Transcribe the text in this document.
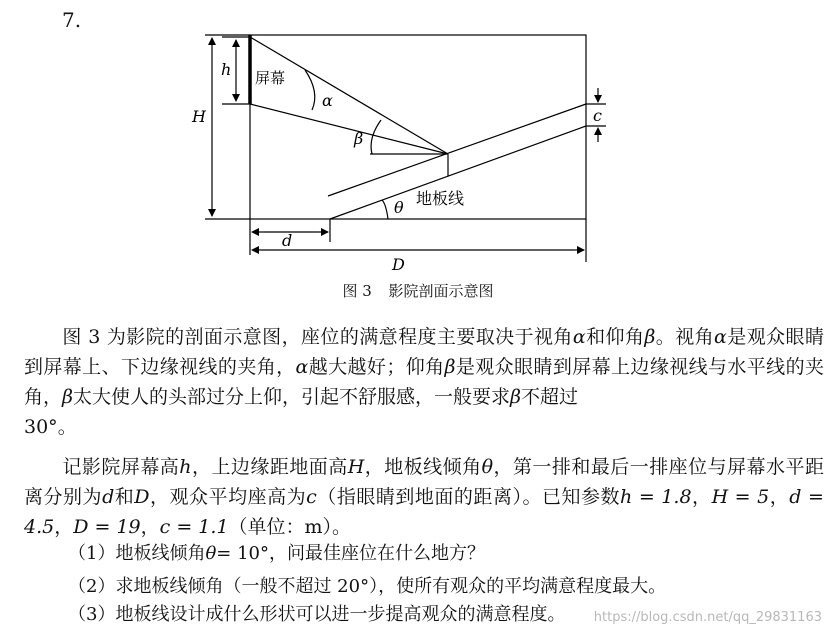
7.
h
H
屏幕
α
β
c
地板线
θ
d
D
图 3 影院剖面示意图
图 3 为影院的剖面示意图，座位的满意程度主要取决于视角α和仰角β。视角α是观众眼睛到屏幕上、下边缘视线的夹角，α越大越好；仰角β是观众眼睛到屏幕上边缘视线与水平线的夹角，β太大使人的头部过分上仰，引起不舒服感，一般要求β不超过
30°。
记影院屏幕高h，上边缘距地面高H，地板线倾角θ，第一排和最后一排座位与屏幕水平距离分别为d和D，观众平均座高为c（指眼睛到地面的距离）。已知参数h = 1.8，H = 5，d = 4.5，D = 19，c = 1.1（单位：m）。
（1）地板线倾角θ= 10°，问最佳座位在什么地方？
（2）求地板线倾角（一般不超过 20°），使所有观众的平均满意程度最大。
（3）地板线设计成什么形状可以进一步提高观众的满意程度。 https://blog.csdn.net/qq_29831163
